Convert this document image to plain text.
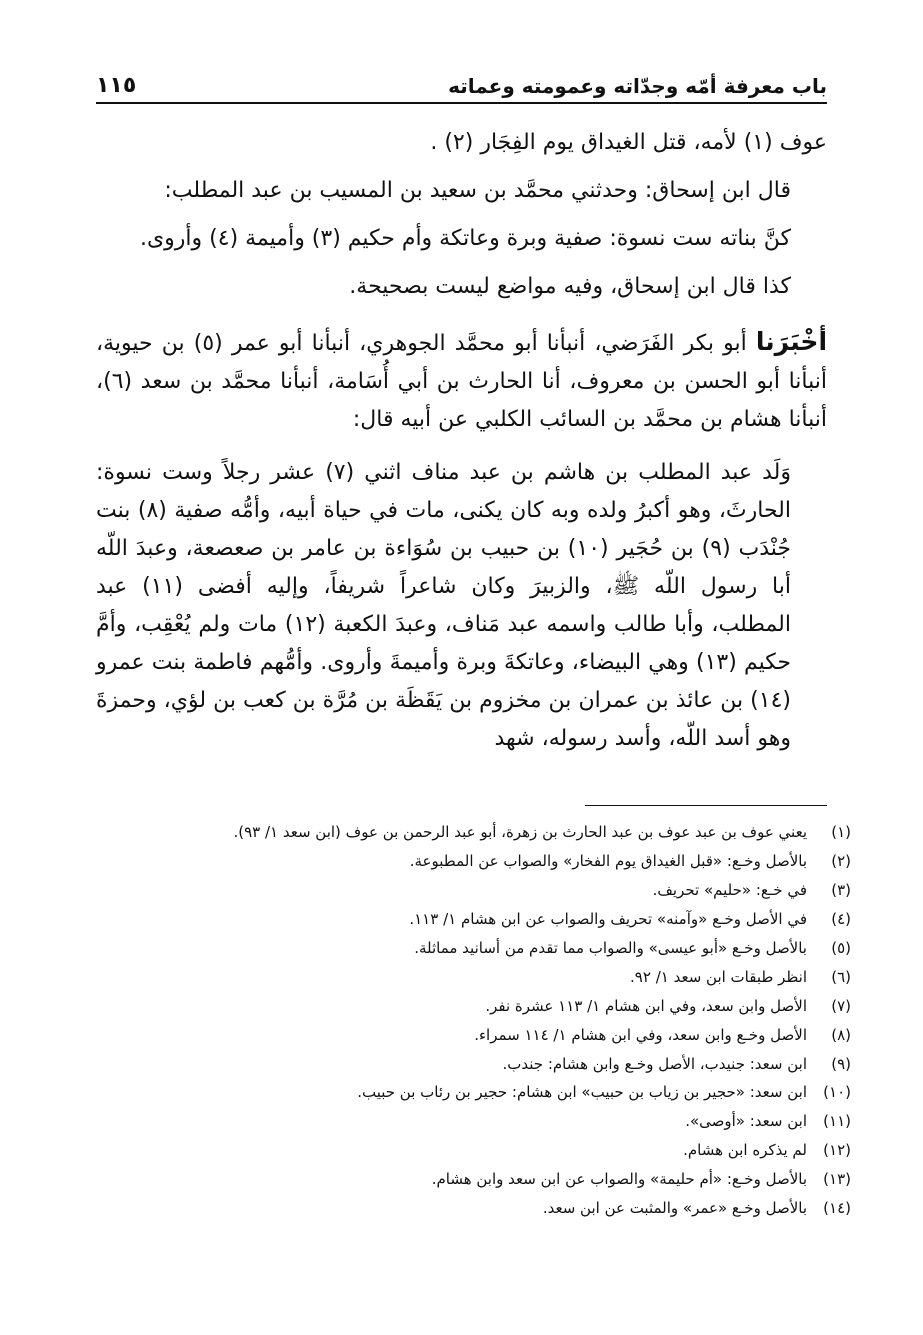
باب معرفة أمّه وجدّاته وعمومته وعماته
١١٥

عوف (١) لأمه، قتل الغيداق يوم الفِجَار (٢) .

قال ابن إسحاق: وحدثني محمَّد بن سعيد بن المسيب بن عبد المطلب:

كنَّ بناته ست نسوة: صفية وبرة وعاتكة وأم حكيم (٣) وأميمة (٤) وأروى.

كذا قال ابن إسحاق، وفيه مواضع ليست بصحيحة.

أخْبَرَنا أبو بكر الفَرَضي، أنبأنا أبو محمَّد الجوهري، أنبأنا أبو عمر (٥) بن حيوية، أنبأنا أبو الحسن بن معروف، أنا الحارث بن أبي أُسَامة، أنبأنا محمَّد بن سعد (٦)، أنبأنا هشام بن محمَّد بن السائب الكلبي عن أبيه قال:

وَلَد عبد المطلب بن هاشم بن عبد مناف اثني (٧) عشر رجلاً وست نسوة: الحارثَ، وهو أكبرُ ولده وبه كان يكنى، مات في حياة أبيه، وأمُّه صفية (٨) بنت جُنْدَب (٩) بن حُجَير (١٠) بن حبيب بن سُوَاءة بن عامر بن صعصعة، وعبدَ اللّه أبا رسول اللّه ﷺ، والزبيرَ وكان شاعراً شريفاً، وإليه أفضى (١١) عبد المطلب، وأبا طالب واسمه عبد مَناف، وعبدَ الكعبة (١٢) مات ولم يُعْقِب، وأمَّ حكيم (١٣) وهي البيضاء، وعاتكةَ وبرة وأميمةَ وأروى. وأمُّهم فاطمة بنت عمرو (١٤) بن عائذ بن عمران بن مخزوم بن يَقَظَة بن مُرَّة بن كعب بن لؤي، وحمزةَ وهو أسد اللّه، وأسد رسوله، شهد

(١)
يعني عوف بن عبد عوف بن عبد الحارث بن زهرة، أبو عبد الرحمن بن عوف (ابن سعد ١/ ٩٣).
(٢)
بالأصل وخـع: «قبل الغيداق يوم الفخار» والصواب عن المطبوعة.
(٣)
في خـع: «حليم» تحريف.
(٤)
في الأصل وخـع «وآمنه» تحريف والصواب عن ابن هشام ١/ ١١٣.
(٥)
بالأصل وخـع «أبو عيسى» والصواب مما تقدم من أسانيد مماثلة.
(٦)
انظر طبقات ابن سعد ١/ ٩٢.
(٧)
الأصل وابن سعد، وفي ابن هشام ١/ ١١٣ عشرة نفر.
(٨)
الأصل وخـع وابن سعد، وفي ابن هشام ١/ ١١٤ سمراء.
(٩)
ابن سعد: جنيدب، الأصل وخـع وابن هشام: جندب.
(١٠)
ابن سعد: «حجير بن زياب بن حبيب» ابن هشام: حجير بن رئاب بن حبيب.
(١١)
ابن سعد: «أوصى».
(١٢)
لم يذكره ابن هشام.
(١٣)
بالأصل وخـع: «أم حليمة» والصواب عن ابن سعد وابن هشام.
(١٤)
بالأصل وخـع «عمر» والمثبت عن ابن سعد.
